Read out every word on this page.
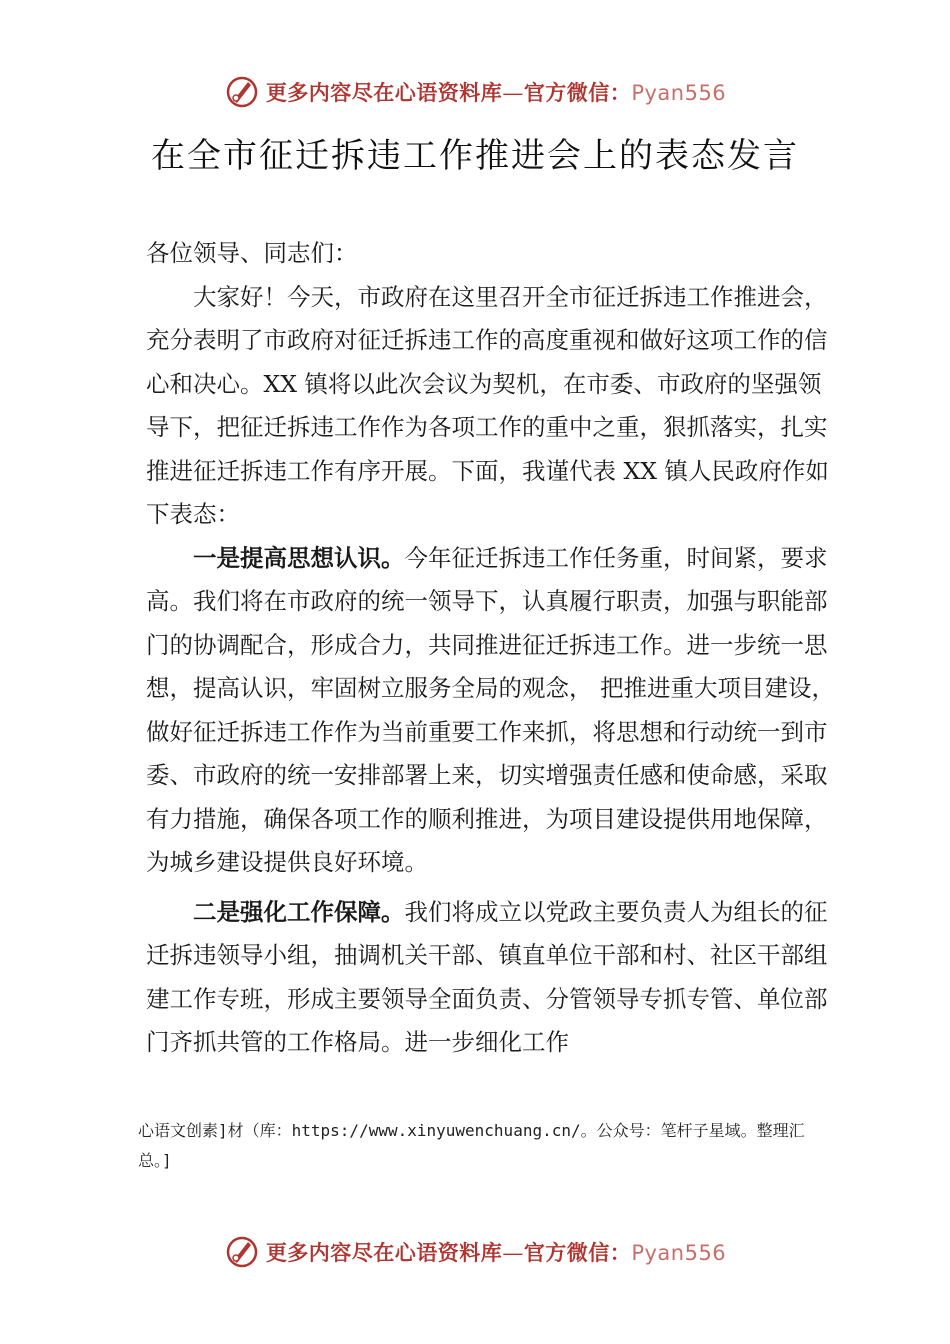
更多内容尽在心语资料库—官方微信：Pyan556
在全市征迁拆违工作推进会上的表态发言

各位领导、同志们：

大家好！今天，市政府在这里召开全市征迁拆违工作推进会，充分表明了市政府对征迁拆违工作的高度重视和做好这项工作的信心和决心。XX 镇将以此次会议为契机，在市委、市政府的坚强领导下，把征迁拆违工作作为各项工作的重中之重，狠抓落实，扎实推进征迁拆违工作有序开展。下面，我谨代表 XX 镇人民政府作如下表态：

一是提高思想认识。今年征迁拆违工作任务重，时间紧，要求高。我们将在市政府的统一领导下，认真履行职责，加强与职能部门的协调配合，形成合力，共同推进征迁拆违工作。进一步统一思想，提高认识，牢固树立服务全局的观念， 把推进重大项目建设，做好征迁拆违工作作为当前重要工作来抓，将思想和行动统一到市委、市政府的统一安排部署上来，切实增强责任感和使命感，采取有力措施，确保各项工作的顺利推进，为项目建设提供用地保障，为城乡建设提供良好环境。

二是强化工作保障。我们将成立以党政主要负责人为组长的征迁拆违领导小组，抽调机关干部、镇直单位干部和村、社区干部组建工作专班，形成主要领导全面负责、分管领导专抓专管、单位部门齐抓共管的工作格局。进一步细化工作

心语文创素]材（库：https://www.xinyuwenchuang.cn/。公众号：笔杆子星域。整理汇总。]
更多内容尽在心语资料库—官方微信：Pyan556
